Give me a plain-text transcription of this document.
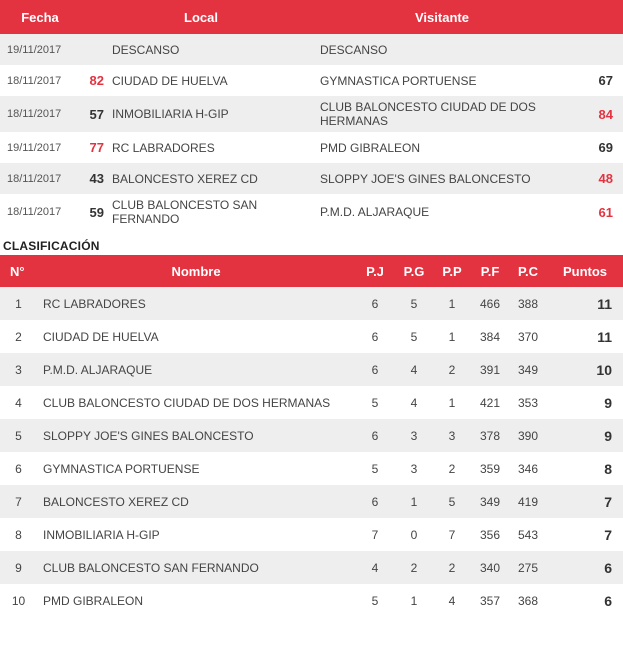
Fecha		Local	Visitante	
19/11/2017		DESCANSO	DESCANSO	
18/11/2017	82	CIUDAD DE HUELVA	GYMNASTICA PORTUENSE	67
18/11/2017	57	INMOBILIARIA H-GIP	CLUB BALONCESTO CIUDAD DE DOS HERMANAS	84
19/11/2017	77	RC LABRADORES	PMD GIBRALEON	69
18/11/2017	43	BALONCESTO XEREZ CD	SLOPPY JOE'S GINES BALONCESTO	48
18/11/2017	59	CLUB BALONCESTO SAN FERNANDO	P.M.D. ALJARAQUE	61
CLASIFICACIÓN
N°	Nombre	P.J	P.G	P.P	P.F	P.C	Puntos
1	RC LABRADORES	6	5	1	466	388	11
2	CIUDAD DE HUELVA	6	5	1	384	370	11
3	P.M.D. ALJARAQUE	6	4	2	391	349	10
4	CLUB BALONCESTO CIUDAD DE DOS HERMANAS	5	4	1	421	353	9
5	SLOPPY JOE'S GINES BALONCESTO	6	3	3	378	390	9
6	GYMNASTICA PORTUENSE	5	3	2	359	346	8
7	BALONCESTO XEREZ CD	6	1	5	349	419	7
8	INMOBILIARIA H-GIP	7	0	7	356	543	7
9	CLUB BALONCESTO SAN FERNANDO	4	2	2	340	275	6
10	PMD GIBRALEON	5	1	4	357	368	6
